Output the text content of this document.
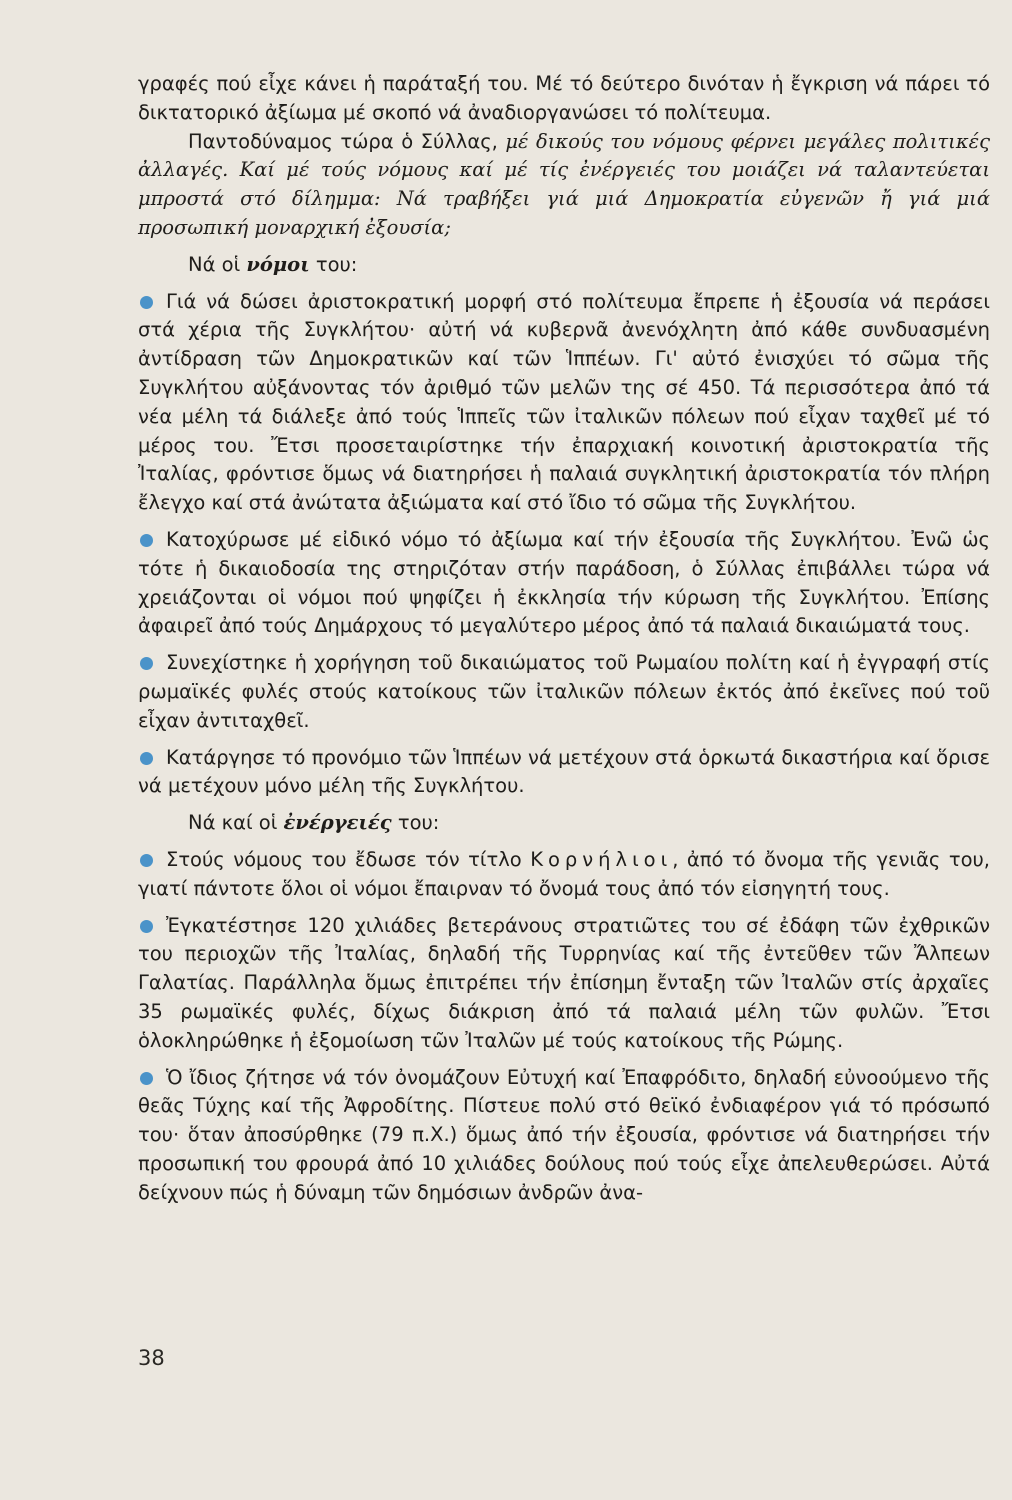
γραφές πού εἶχε κάνει ἡ παράταξή του. Μέ τό δεύτερο δινόταν ἡ ἔγκριση νά πάρει τό δικτατορικό ἀξίωμα μέ σκοπό νά ἀναδιοργανώσει τό πολίτευμα.

Παντοδύναμος τώρα ὁ Σύλλας, μέ δικούς του νόμους φέρνει μεγάλες πολιτικές ἀλλαγές. Καί μέ τούς νόμους καί μέ τίς ἐνέργειές του μοιάζει νά ταλαντεύεται μπροστά στό δίλημμα: Νά τραβήξει γιά μιά Δημοκρατία εὐγενῶν ἤ γιά μιά προσωπική μοναρχική ἐξουσία;

Νά οἱ νόμοι του:

Γιά νά δώσει ἀριστοκρατική μορφή στό πολίτευμα ἔπρεπε ἡ ἐξουσία νά περάσει στά χέρια τῆς Συγκλήτου· αὐτή νά κυβερνᾶ ἀνενόχλητη ἀπό κάθε συνδυασμένη ἀντίδραση τῶν Δημοκρατικῶν καί τῶν Ἱππέων. Γι' αὐτό ἐνισχύει τό σῶμα τῆς Συγκλήτου αὐξάνοντας τόν ἀριθμό τῶν μελῶν της σέ 450. Τά περισσότερα ἀπό τά νέα μέλη τά διάλεξε ἀπό τούς Ἱππεῖς τῶν ἰταλικῶν πόλεων πού εἶχαν ταχθεῖ μέ τό μέρος του. Ἔτσι προσεταιρίστηκε τήν ἐπαρχιακή κοινοτική ἀριστοκρατία τῆς Ἰταλίας, φρόντισε ὅμως νά διατηρήσει ἡ παλαιά συγκλητική ἀριστοκρατία τόν πλήρη ἔλεγχο καί στά ἀνώτατα ἀξιώματα καί στό ἴδιο τό σῶμα τῆς Συγκλήτου.

Κατοχύρωσε μέ εἰδικό νόμο τό ἀξίωμα καί τήν ἐξουσία τῆς Συγκλήτου. Ἐνῶ ὡς τότε ἡ δικαιοδοσία της στηριζόταν στήν παράδοση, ὁ Σύλλας ἐπιβάλλει τώρα νά χρειάζονται οἱ νόμοι πού ψηφίζει ἡ ἐκκλησία τήν κύρωση τῆς Συγκλήτου. Ἐπίσης ἀφαιρεῖ ἀπό τούς Δημάρχους τό μεγαλύτερο μέρος ἀπό τά παλαιά δικαιώματά τους.

Συνεχίστηκε ἡ χορήγηση τοῦ δικαιώματος τοῦ Ρωμαίου πολίτη καί ἡ ἐγγραφή στίς ρωμαϊκές φυλές στούς κατοίκους τῶν ἰταλικῶν πόλεων ἐκτός ἀπό ἐκεῖνες πού τοῦ εἶχαν ἀντιταχθεῖ.

Κατάργησε τό προνόμιο τῶν Ἱππέων νά μετέχουν στά ὁρκωτά δικαστήρια καί ὅρισε νά μετέχουν μόνο μέλη τῆς Συγκλήτου.

Νά καί οἱ ἐνέργειές του:

Στούς νόμους του ἔδωσε τόν τίτλο Κορνήλιοι, ἀπό τό ὄνομα τῆς γενιᾶς του, γιατί πάντοτε ὅλοι οἱ νόμοι ἔπαιρναν τό ὄνομά τους ἀπό τόν εἰσηγητή τους.

Ἐγκατέστησε 120 χιλιάδες βετεράνους στρατιῶτες του σέ ἐδάφη τῶν ἐχθρικῶν του περιοχῶν τῆς Ἰταλίας, δηλαδή τῆς Τυρρηνίας καί τῆς ἐντεῦθεν τῶν Ἄλπεων Γαλατίας. Παράλληλα ὅμως ἐπιτρέπει τήν ἐπίσημη ἔνταξη τῶν Ἰταλῶν στίς ἀρχαῖες 35 ρωμαϊκές φυλές, δίχως διάκριση ἀπό τά παλαιά μέλη τῶν φυλῶν. Ἔτσι ὁλοκληρώθηκε ἡ ἐξομοίωση τῶν Ἰταλῶν μέ τούς κατοίκους τῆς Ρώμης.

Ὁ ἴδιος ζήτησε νά τόν ὀνομάζουν Εὐτυχή καί Ἐπαφρόδιτο, δηλαδή εὐνοούμενο τῆς θεᾶς Τύχης καί τῆς Ἀφροδίτης. Πίστευε πολύ στό θεϊκό ἐνδιαφέρον γιά τό πρόσωπό του· ὅταν ἀποσύρθηκε (79 π.Χ.) ὅμως ἀπό τήν ἐξουσία, φρόντισε νά διατηρήσει τήν προσωπική του φρουρά ἀπό 10 χιλιάδες δούλους πού τούς εἶχε ἀπελευθερώσει. Αὐτά δείχνουν πώς ἡ δύναμη τῶν δημόσιων ἀνδρῶν ἀνα-

38
